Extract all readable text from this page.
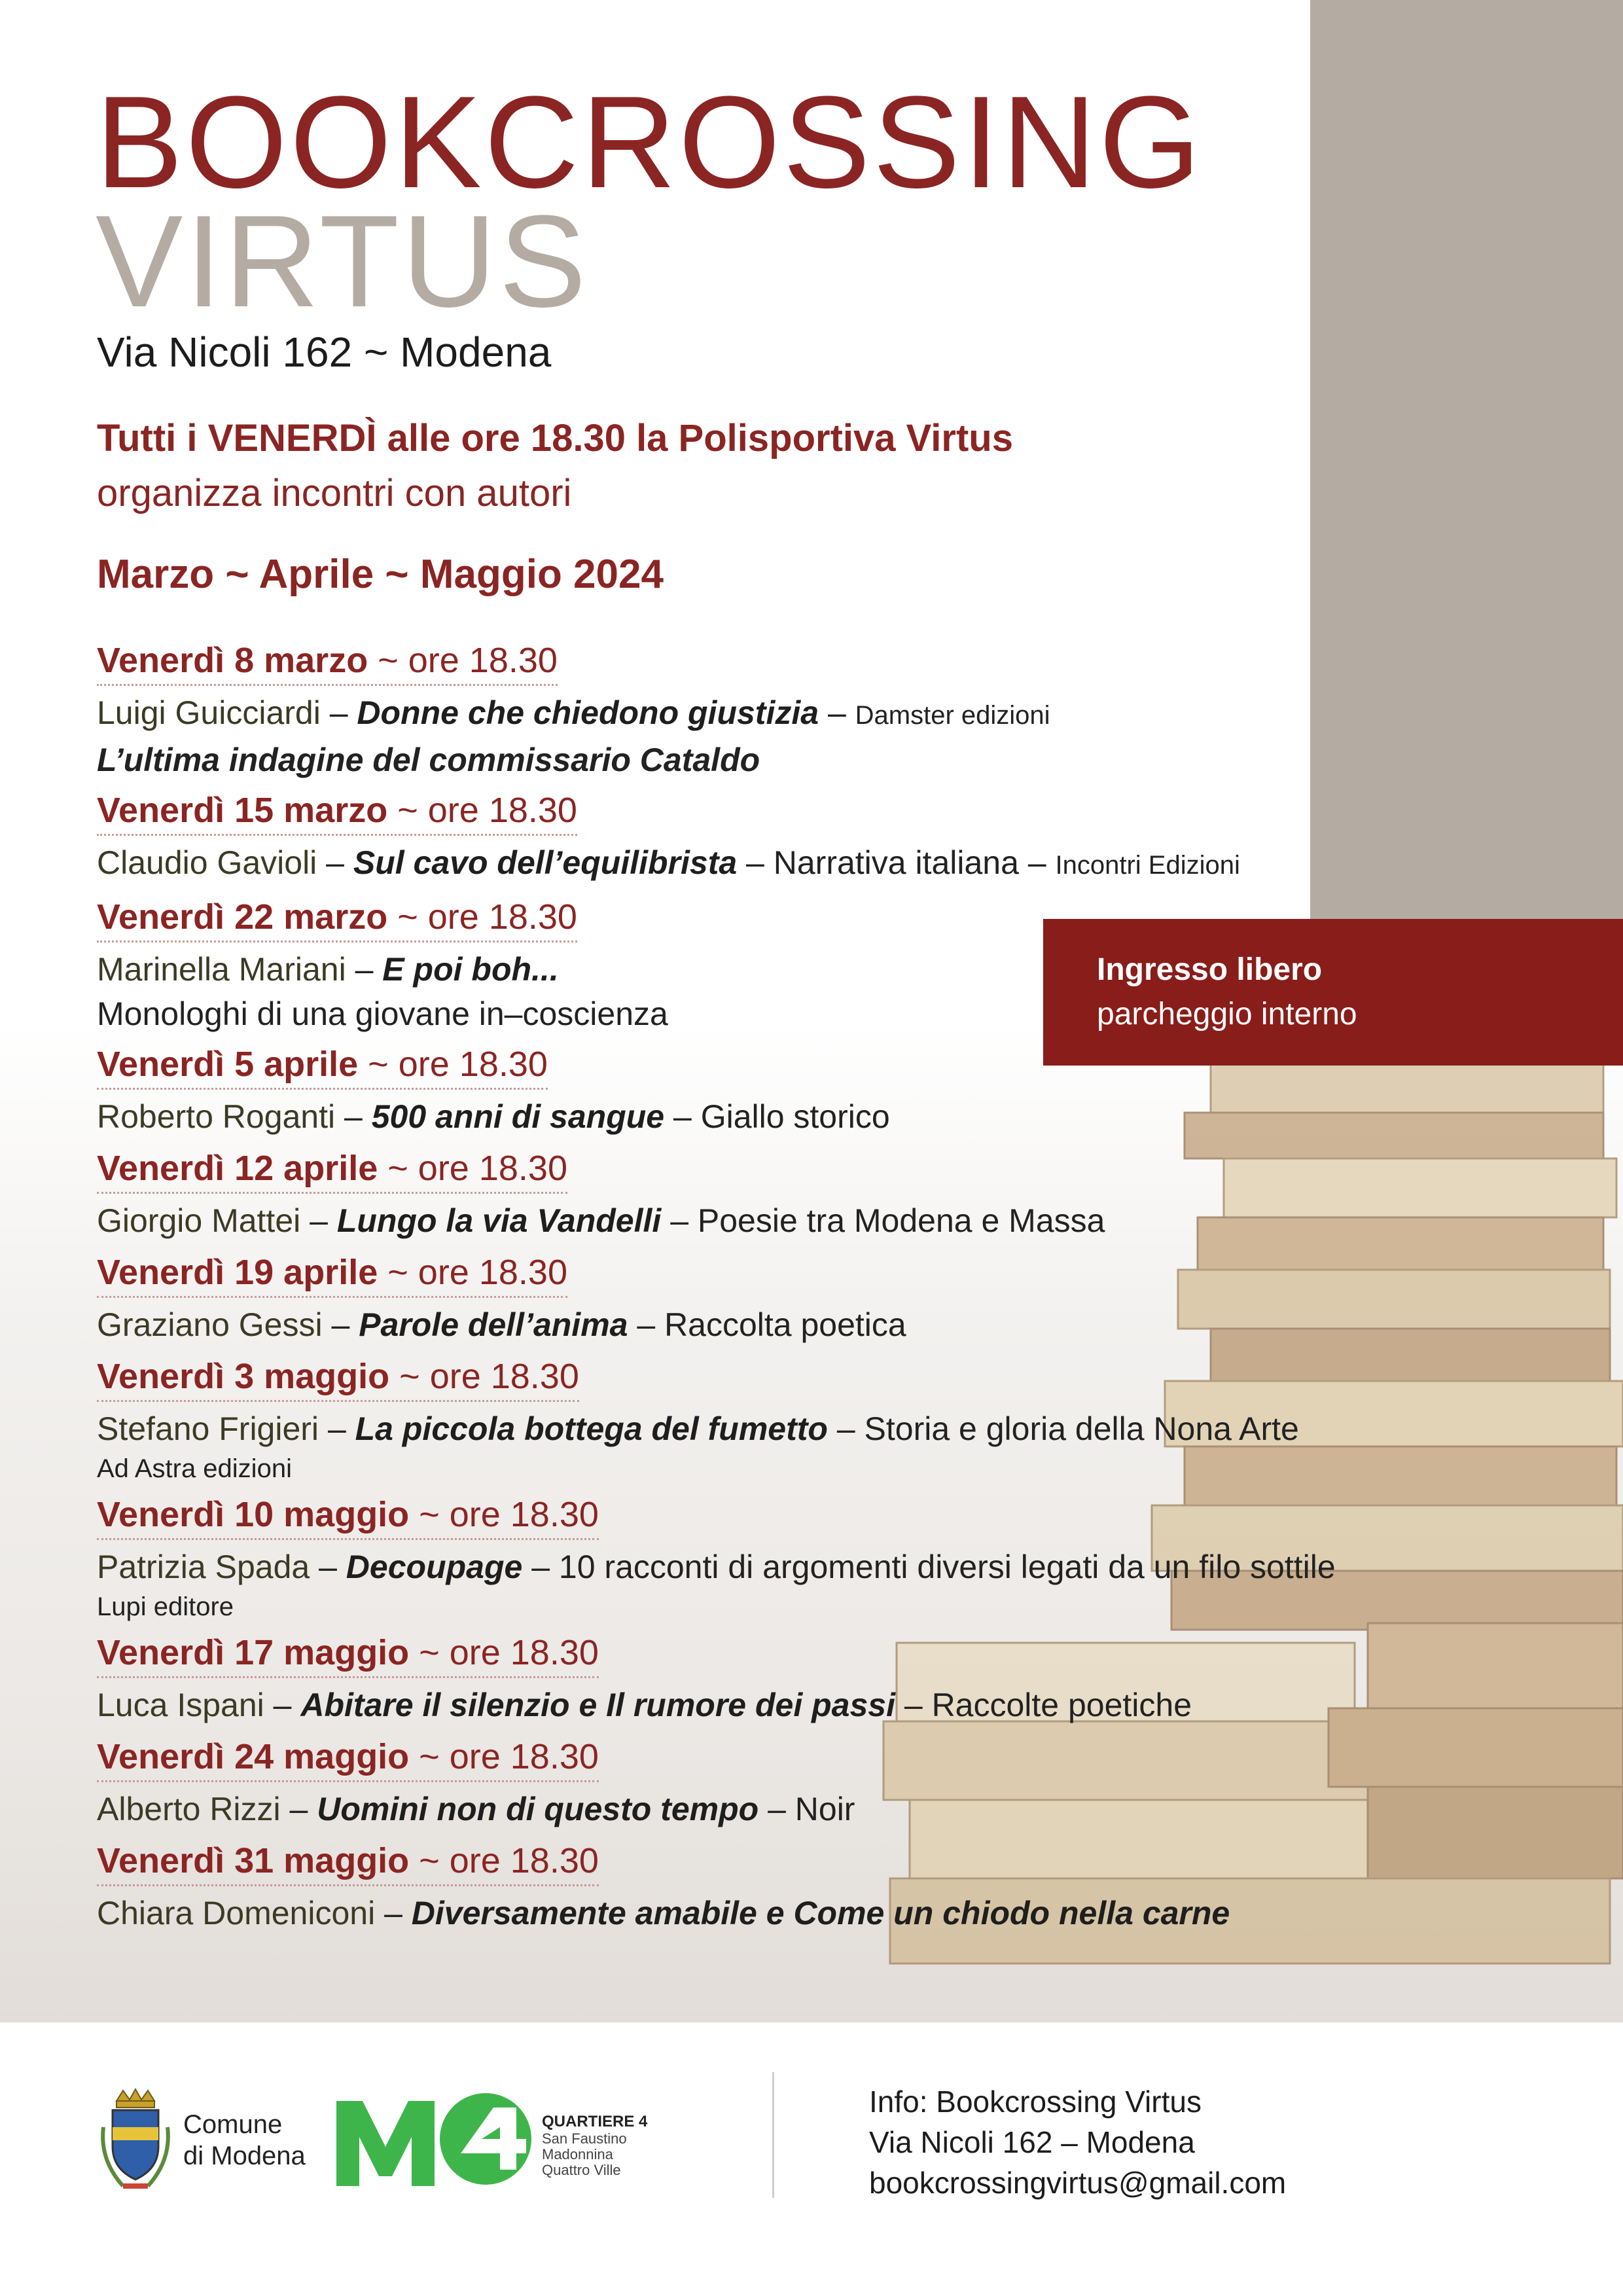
BOOKCROSSING
VIRTUS
Via Nicoli 162 ~ Modena
Tutti i VENERDÌ alle ore 18.30 la Polisportiva Virtus
organizza incontri con autori
Marzo ~ Aprile ~ Maggio 2024
Venerdì 8 marzo ~ ore 18.30
Luigi Guicciardi – Donne che chiedono giustizia – Damster edizioni
L’ultima indagine del commissario Cataldo
Venerdì 15 marzo ~ ore 18.30
Claudio Gavioli – Sul cavo dell’equilibrista – Narrativa italiana – Incontri Edizioni
Venerdì 22 marzo ~ ore 18.30
Marinella Mariani – E poi boh...
Monologhi di una giovane in–coscienza
Venerdì 5 aprile ~ ore 18.30
Roberto Roganti – 500 anni di sangue – Giallo storico
Venerdì 12 aprile ~ ore 18.30
Giorgio Mattei – Lungo la via Vandelli – Poesie tra Modena e Massa
Venerdì 19 aprile ~ ore 18.30
Graziano Gessi – Parole dell’anima – Raccolta poetica
Venerdì 3 maggio ~ ore 18.30
Stefano Frigieri – La piccola bottega del fumetto – Storia e gloria della Nona Arte
Ad Astra edizioni
Venerdì 10 maggio ~ ore 18.30
Patrizia Spada – Decoupage – 10 racconti di argomenti diversi legati da un filo sottile
Lupi editore
Venerdì 17 maggio ~ ore 18.30
Luca Ispani – Abitare il silenzio e Il rumore dei passi – Raccolte poetiche
Venerdì 24 maggio ~ ore 18.30
Alberto Rizzi – Uomini non di questo tempo – Noir
Venerdì 31 maggio ~ ore 18.30
Chiara Domeniconi – Diversamente amabile e Come un chiodo nella carne
Ingresso libero
parcheggio interno
Comune
di Modena
QUARTIERE 4
San Faustino
Madonnina
Quattro Ville
Info: Bookcrossing Virtus
Via Nicoli 162 – Modena
bookcrossingvirtus@gmail.com
